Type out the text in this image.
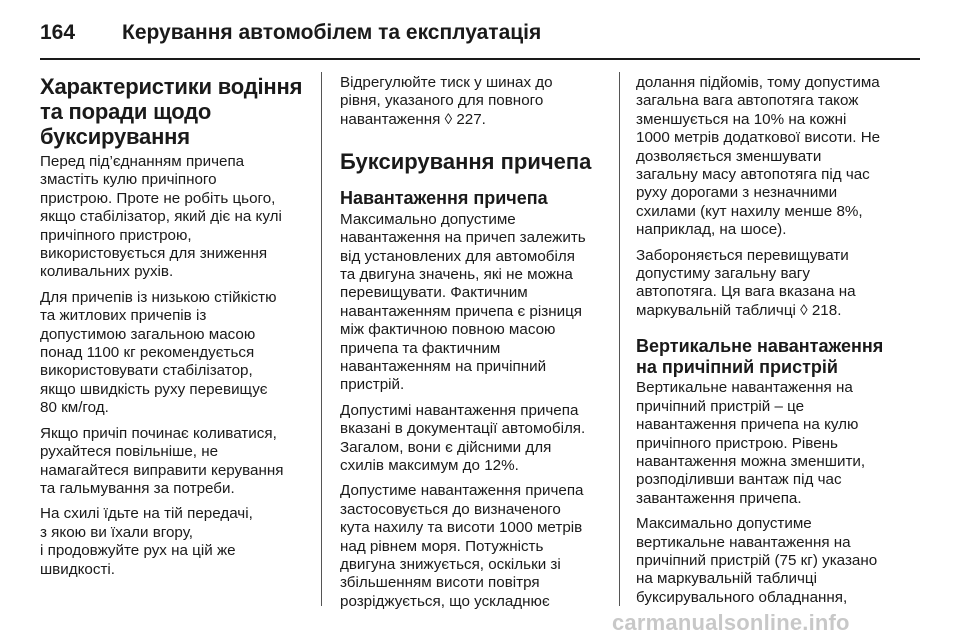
164	Керування автомобілем та експлуатація
Характеристики водіння
та поради щодо
буксирування

Перед під’єднанням причепа
змастіть кулю причіпного
пристрою. Проте не робіть цього,
якщо стабілізатор, який діє на кулі
причіпного пристрою,
використовується для зниження
коливальних рухів.

Для причепів із низькою стійкістю
та житлових причепів із
допустимою загальною масою
понад 1100 кг рекомендується
використовувати стабілізатор,
якщо швидкість руху перевищує
80 км/год.

Якщо причіп починає коливатися,
рухайтеся повільніше, не
намагайтеся виправити керування
та гальмування за потреби.

На схилі їдьте на тій передачі,
з якою ви їхали вгору,
і продовжуйте рух на цій же
швидкості.

Відрегулюйте тиск у шинах до
рівня, указаного для повного
навантаження ◊ 227.

Буксирування причепа
Навантаження причепа

Максимально допустиме
навантаження на причеп залежить
від установлених для автомобіля
та двигуна значень, які не можна
перевищувати. Фактичним
навантаженням причепа є різниця
між фактичною повною масою
причепа та фактичним
навантаженням на причіпний
пристрій.

Допустимі навантаження причепа
вказані в документації автомобіля.
Загалом, вони є дійсними для
схилів максимум до 12%.

Допустиме навантаження причепа
застосовується до визначеного
кута нахилу та висоти 1000 метрів
над рівнем моря. Потужність
двигуна знижується, оскільки зі
збільшенням висоти повітря
розріджується, що ускладнює

долання підйомів, тому допустима
загальна вага автопотяга також
зменшується на 10% на кожні
1000 метрів додаткової висоти. Не
дозволяється зменшувати
загальну масу автопотяга під час
руху дорогами з незначними
схилами (кут нахилу менше 8%,
наприклад, на шосе).

Забороняється перевищувати
допустиму загальну вагу
автопотяга. Ця вага вказана на
маркувальній табличці ◊ 218.

Вертикальне навантаження
на причіпний пристрій

Вертикальне навантаження на
причіпний пристрій – це
навантаження причепа на кулю
причіпного пристрою. Рівень
навантаження можна зменшити,
розподіливши вантаж під час
завантаження причепа.

Максимально допустиме
вертикальне навантаження на
причіпний пристрій (75 кг) указано
на маркувальній табличці
буксирувального обладнання,

carmanualsonline.info
